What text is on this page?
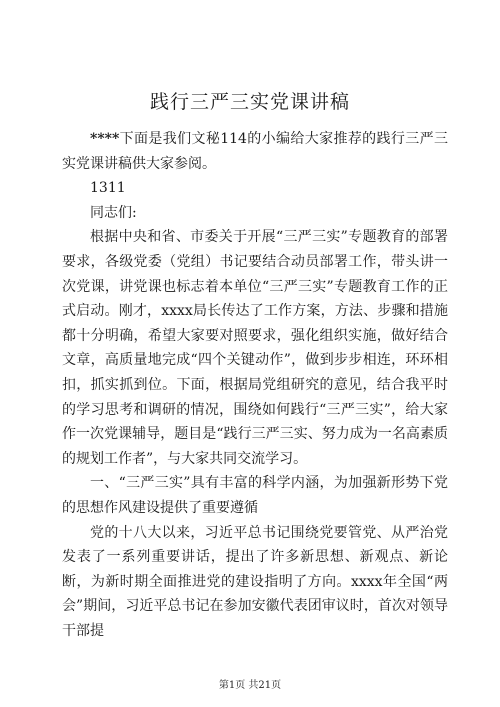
践行三严三实党课讲稿

****下面是我们文秘114的小编给大家推荐的践行三严三实党课讲稿供大家参阅。

1311

同志们:

根据中央和省、市委关于开展“三严三实”专题教育的部署要求，各级党委（党组）书记要结合动员部署工作，带头讲一次党课，讲党课也标志着本单位“三严三实”专题教育工作的正式启动。刚才，xxxx局长传达了工作方案，方法、步骤和措施都十分明确，希望大家要对照要求，强化组织实施，做好结合文章，高质量地完成“四个关键动作”，做到步步相连，环环相扣，抓实抓到位。下面，根据局党组研究的意见，结合我平时的学习思考和调研的情况，围绕如何践行“三严三实”，给大家作一次党课辅导，题目是“践行三严三实、努力成为一名高素质的规划工作者”，与大家共同交流学习。

一、“三严三实”具有丰富的科学内涵，为加强新形势下党的思想作风建设提供了重要遵循

党的十八大以来，习近平总书记围绕党要管党、从严治党发表了一系列重要讲话，提出了许多新思想、新观点、新论断，为新时期全面推进党的建设指明了方向。xxxx年全国“两会”期间，习近平总书记在参加安徽代表团审议时，首次对领导干部提

第1页 共21页
